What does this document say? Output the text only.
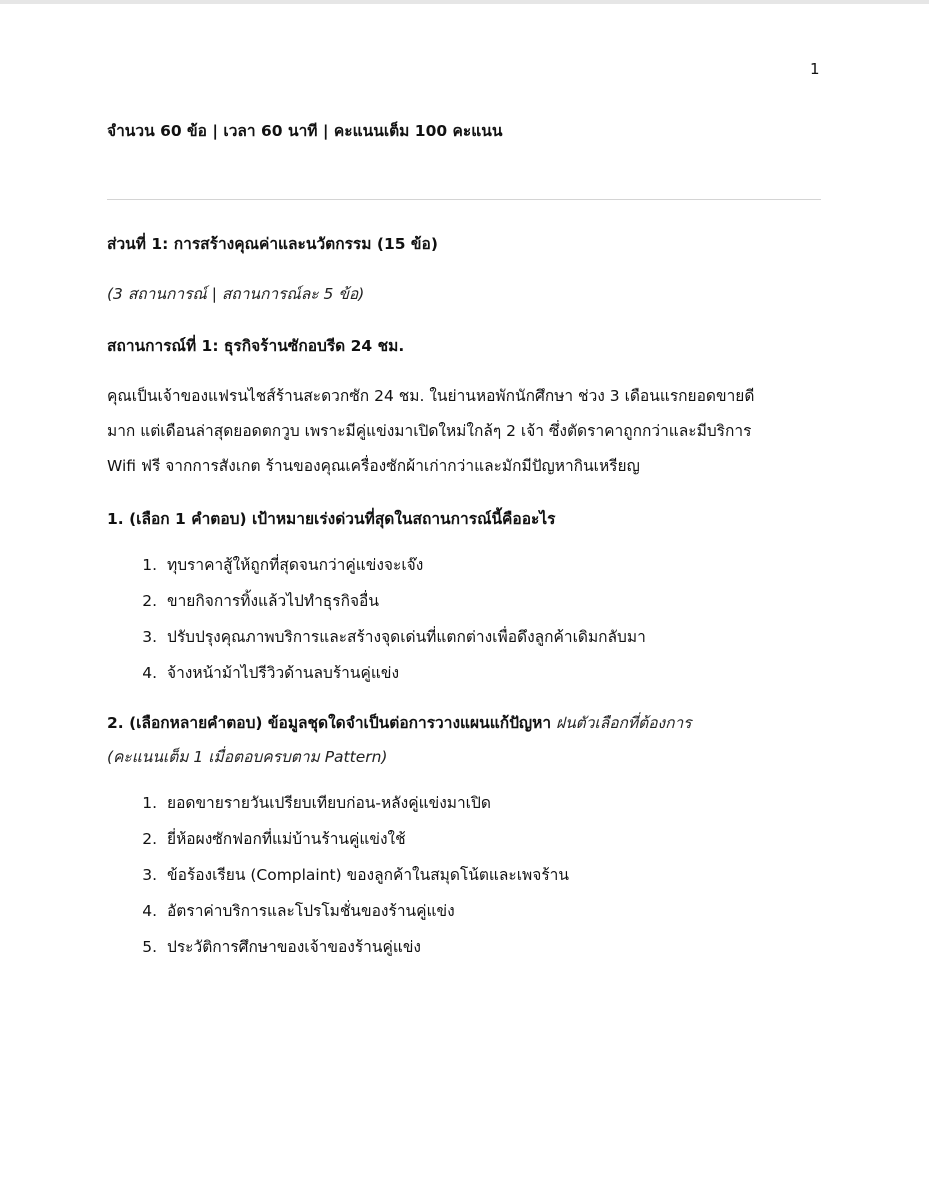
1

จำนวน 60 ข้อ | เวลา 60 นาที | คะแนนเต็ม 100 คะแนน

ส่วนที่ 1: การสร้างคุณค่าและนวัตกรรม (15 ข้อ)

(3 สถานการณ์ | สถานการณ์ละ 5 ข้อ)

สถานการณ์ที่ 1: ธุรกิจร้านซักอบรีด 24 ชม.

คุณเป็นเจ้าของแฟรนไชส์ร้านสะดวกซัก 24 ชม. ในย่านหอพักนักศึกษา ช่วง 3 เดือนแรกยอดขายดี

มาก แต่เดือนล่าสุดยอดตกวูบ เพราะมีคู่แข่งมาเปิดใหม่ใกล้ๆ 2 เจ้า ซึ่งตัดราคาถูกกว่าและมีบริการ

Wifi ฟรี จากการสังเกต ร้านของคุณเครื่องซักผ้าเก่ากว่าและมักมีปัญหากินเหรียญ

1. (เลือก 1 คำตอบ) เป้าหมายเร่งด่วนที่สุดในสถานการณ์นี้คืออะไร

1. ทุบราคาสู้ให้ถูกที่สุดจนกว่าคู่แข่งจะเจ๊ง
2. ขายกิจการทิ้งแล้วไปทำธุรกิจอื่น
3. ปรับปรุงคุณภาพบริการและสร้างจุดเด่นที่แตกต่างเพื่อดึงลูกค้าเดิมกลับมา
4. จ้างหน้าม้าไปรีวิวด้านลบร้านคู่แข่ง

2. (เลือกหลายคำตอบ) ข้อมูลชุดใดจำเป็นต่อการวางแผนแก้ปัญหา ฝนตัวเลือกที่ต้องการ

(คะแนนเต็ม 1 เมื่อตอบครบตาม Pattern)

1. ยอดขายรายวันเปรียบเทียบก่อน-หลังคู่แข่งมาเปิด
2. ยี่ห้อผงซักฟอกที่แม่บ้านร้านคู่แข่งใช้
3. ข้อร้องเรียน (Complaint) ของลูกค้าในสมุดโน้ตและเพจร้าน
4. อัตราค่าบริการและโปรโมชั่นของร้านคู่แข่ง
5. ประวัติการศึกษาของเจ้าของร้านคู่แข่ง
